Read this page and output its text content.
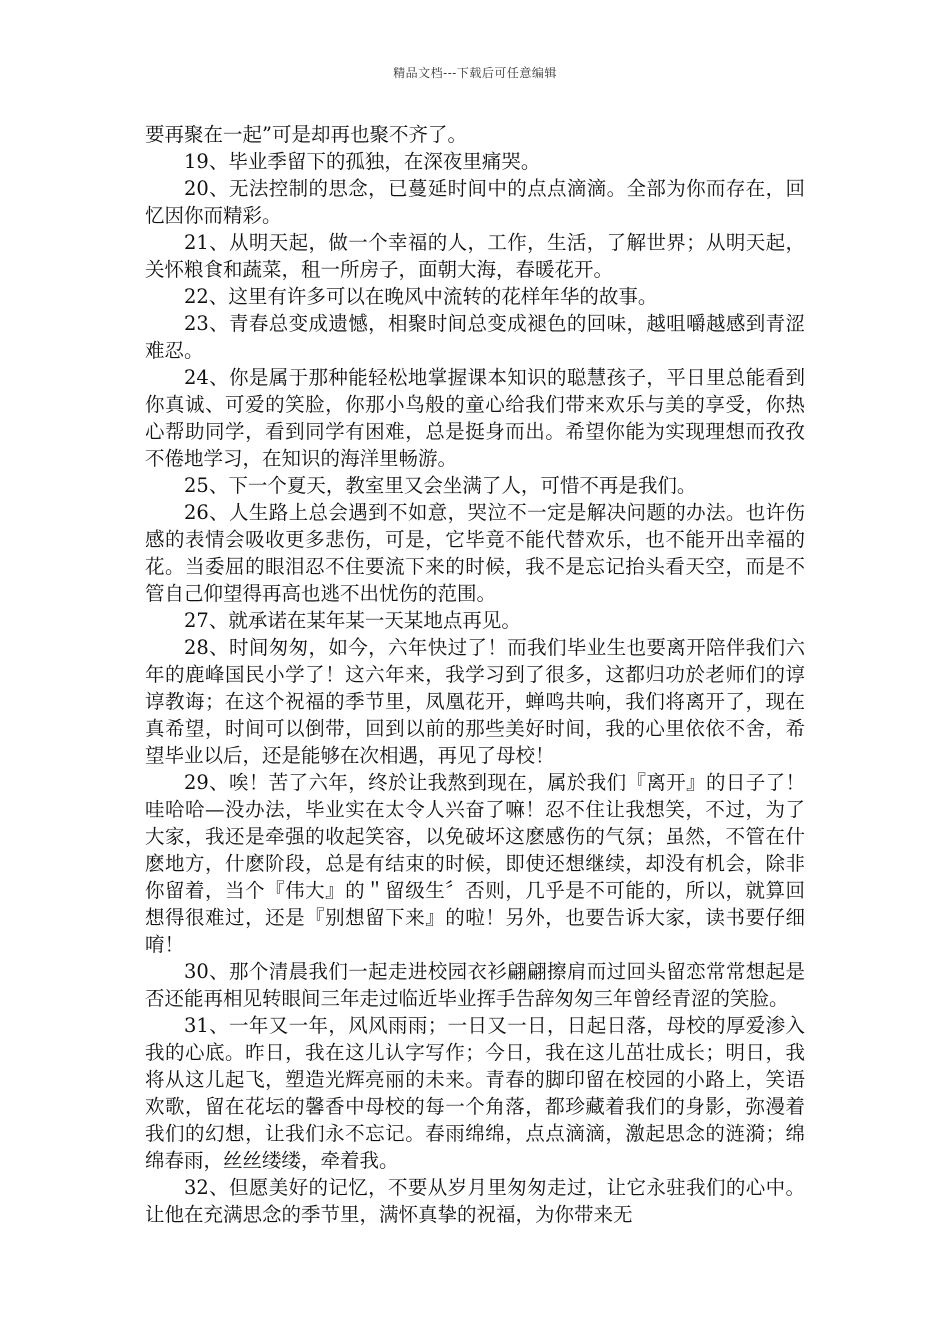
精品文档---下载后可任意编辑

要再聚在一起”可是却再也聚不齐了。

19、毕业季留下的孤独，在深夜里痛哭。

20、无法控制的思念，已蔓延时间中的点点滴滴。全部为你而存在，回忆因你而精彩。

21、从明天起，做一个幸福的人，工作，生活，了解世界；从明天起，关怀粮食和蔬菜，租一所房子，面朝大海，春暖花开。

22、这里有许多可以在晚风中流转的花样年华的故事。

23、青春总变成遗憾，相聚时间总变成褪色的回味，越咀嚼越感到青涩难忍。

24、你是属于那种能轻松地掌握课本知识的聪慧孩子，平日里总能看到你真诚、可爱的笑脸，你那小鸟般的童心给我们带来欢乐与美的享受，你热心帮助同学，看到同学有困难，总是挺身而出。希望你能为实现理想而孜孜不倦地学习，在知识的海洋里畅游。

25、下一个夏天，教室里又会坐满了人，可惜不再是我们。

26、人生路上总会遇到不如意，哭泣不一定是解决问题的办法。也许伤感的表情会吸收更多悲伤，可是，它毕竟不能代替欢乐，也不能开出幸福的花。当委屈的眼泪忍不住要流下来的时候，我不是忘记抬头看天空，而是不管自己仰望得再高也逃不出忧伤的范围。

27、就承诺在某年某一天某地点再见。

28、时间匆匆，如今，六年快过了！而我们毕业生也要离开陪伴我们六年的鹿峰国民小学了！这六年来，我学习到了很多，这都归功於老师们的谆谆教诲；在这个祝福的季节里，凤凰花开，蝉鸣共响，我们将离开了，现在真希望，时间可以倒带，回到以前的那些美好时间，我的心里依依不舍，希望毕业以后，还是能够在次相遇，再见了母校！

29、唉！苦了六年，终於让我熬到现在，属於我们『离开』的日子了！哇哈哈—没办法，毕业实在太令人兴奋了嘛！忍不住让我想笑，不过，为了大家，我还是牵强的收起笑容，以免破坏这麽感伤的气氛；虽然，不管在什麽地方，什麽阶段，总是有结束的时候，即使还想继续，却没有机会，除非你留着，当个『伟大』的＂留级生〞否则，几乎是不可能的，所以，就算回想得很难过，还是『别想留下来』的啦！另外，也要告诉大家，读书要仔细唷！

30、那个清晨我们一起走进校园衣衫翩翩擦肩而过回头留恋常常想起是否还能再相见转眼间三年走过临近毕业挥手告辞匆匆三年曾经青涩的笑脸。

31、一年又一年，风风雨雨；一日又一日，日起日落，母校的厚爱渗入我的心底。昨日，我在这儿认字写作；今日，我在这儿茁壮成长；明日，我将从这儿起飞，塑造光辉亮丽的未来。青春的脚印留在校园的小路上，笑语欢歌，留在花坛的馨香中母校的每一个角落，都珍藏着我们的身影，弥漫着我们的幻想，让我们永不忘记。春雨绵绵，点点滴滴，激起思念的涟漪；绵绵春雨，丝丝缕缕，牵着我。

32、但愿美好的记忆，不要从岁月里匆匆走过，让它永驻我们的心中。让他在充满思念的季节里，满怀真挚的祝福，为你带来无
